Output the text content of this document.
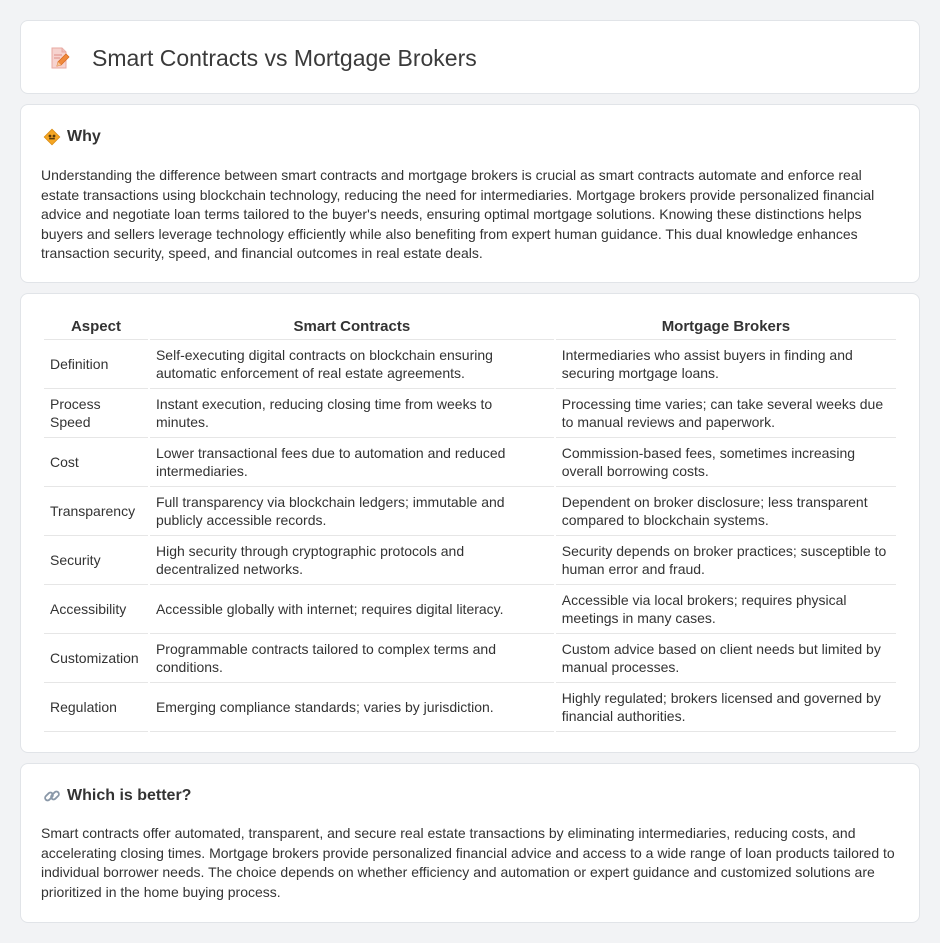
Smart Contracts vs Mortgage Brokers
Why

Understanding the difference between smart contracts and mortgage brokers is crucial as smart contracts automate and enforce real estate transactions using blockchain technology, reducing the need for intermediaries. Mortgage brokers provide personalized financial advice and negotiate loan terms tailored to the buyer's needs, ensuring optimal mortgage solutions. Knowing these distinctions helps buyers and sellers leverage technology efficiently while also benefiting from expert human guidance. This dual knowledge enhances transaction security, speed, and financial outcomes in real estate deals.

Aspect	Smart Contracts	Mortgage Brokers
Definition	Self-executing digital contracts on blockchain ensuring automatic enforcement of real estate agreements.	Intermediaries who assist buyers in finding and securing mortgage loans.
Process Speed	Instant execution, reducing closing time from weeks to minutes.	Processing time varies; can take several weeks due to manual reviews and paperwork.
Cost	Lower transactional fees due to automation and reduced intermediaries.	Commission-based fees, sometimes increasing overall borrowing costs.
Transparency	Full transparency via blockchain ledgers; immutable and publicly accessible records.	Dependent on broker disclosure; less transparent compared to blockchain systems.
Security	High security through cryptographic protocols and decentralized networks.	Security depends on broker practices; susceptible to human error and fraud.
Accessibility	Accessible globally with internet; requires digital literacy.	Accessible via local brokers; requires physical meetings in many cases.
Customization	Programmable contracts tailored to complex terms and conditions.	Custom advice based on client needs but limited by manual processes.
Regulation	Emerging compliance standards; varies by jurisdiction.	Highly regulated; brokers licensed and governed by financial authorities.
Which is better?

Smart contracts offer automated, transparent, and secure real estate transactions by eliminating intermediaries, reducing costs, and accelerating closing times. Mortgage brokers provide personalized financial advice and access to a wide range of loan products tailored to individual borrower needs. The choice depends on whether efficiency and automation or expert guidance and customized solutions are prioritized in the home buying process.
